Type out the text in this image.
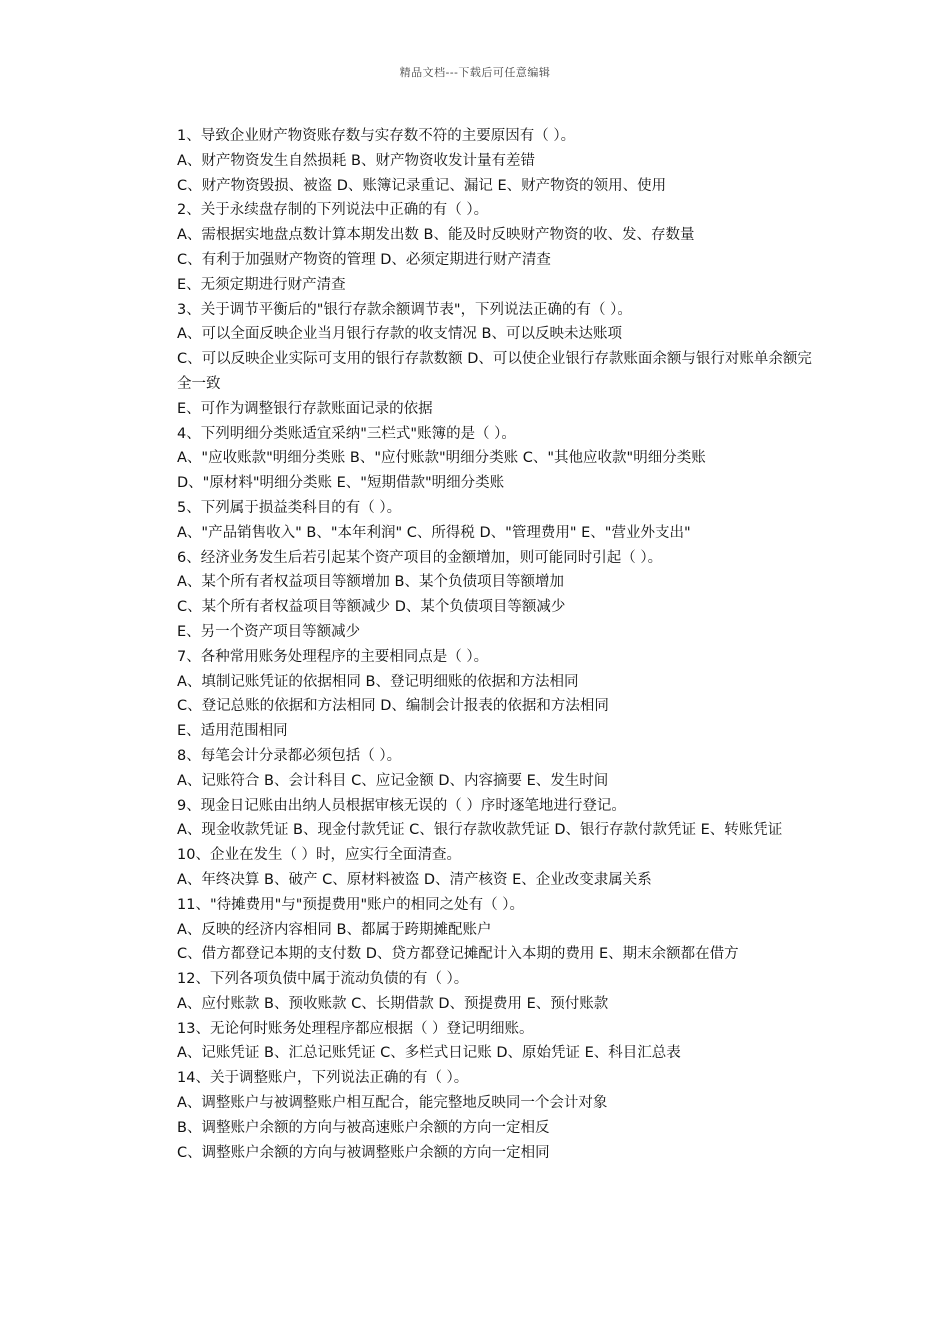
精品文档---下载后可任意编辑

1、导致企业财产物资账存数与实存数不符的主要原因有（ ）。

A、财产物资发生自然损耗 B、财产物资收发计量有差错

C、财产物资毁损、被盗 D、账簿记录重记、漏记 E、财产物资的领用、使用

2、关于永续盘存制的下列说法中正确的有（ ）。

A、需根据实地盘点数计算本期发出数 B、能及时反映财产物资的收、发、存数量

C、有利于加强财产物资的管理 D、必须定期进行财产清查

E、无须定期进行财产清查

3、关于调节平衡后的"银行存款余额调节表"，下列说法正确的有（ ）。

A、可以全面反映企业当月银行存款的收支情况 B、可以反映未达账项

C、可以反映企业实际可支用的银行存款数额 D、可以使企业银行存款账面余额与银行对账单余额完全一致

E、可作为调整银行存款账面记录的依据

4、下列明细分类账适宜采纳"三栏式"账簿的是（ ）。

A、"应收账款"明细分类账 B、"应付账款"明细分类账 C、"其他应收款"明细分类账

D、"原材料"明细分类账 E、"短期借款"明细分类账

5、下列属于损益类科目的有（ ）。

A、"产品销售收入" B、"本年利润" C、所得税 D、"管理费用" E、"营业外支出"

6、经济业务发生后若引起某个资产项目的金额增加，则可能同时引起（ ）。

A、某个所有者权益项目等额增加 B、某个负债项目等额增加

C、某个所有者权益项目等额减少 D、某个负债项目等额减少

E、另一个资产项目等额减少

7、各种常用账务处理程序的主要相同点是（ ）。

A、填制记账凭证的依据相同 B、登记明细账的依据和方法相同

C、登记总账的依据和方法相同 D、编制会计报表的依据和方法相同

E、适用范围相同

8、每笔会计分录都必须包括（ ）。

A、记账符合 B、会计科目 C、应记金额 D、内容摘要 E、发生时间

9、现金日记账由出纳人员根据审核无误的（ ）序时逐笔地进行登记。

A、现金收款凭证 B、现金付款凭证 C、银行存款收款凭证 D、银行存款付款凭证 E、转账凭证

10、企业在发生（ ）时，应实行全面清查。

A、年终决算 B、破产 C、原材料被盗 D、清产核资 E、企业改变隶属关系

11、"待摊费用"与"预提费用"账户的相同之处有（ ）。

A、反映的经济内容相同 B、都属于跨期摊配账户

C、借方都登记本期的支付数 D、贷方都登记摊配计入本期的费用 E、期末余额都在借方

12、下列各项负债中属于流动负债的有（ ）。

A、应付账款 B、预收账款 C、长期借款 D、预提费用 E、预付账款

13、无论何时账务处理程序都应根据（ ）登记明细账。

A、记账凭证 B、汇总记账凭证 C、多栏式日记账 D、原始凭证 E、科目汇总表

14、关于调整账户，下列说法正确的有（ ）。

A、调整账户与被调整账户相互配合，能完整地反映同一个会计对象

B、调整账户余额的方向与被高速账户余额的方向一定相反

C、调整账户余额的方向与被调整账户余额的方向一定相同
